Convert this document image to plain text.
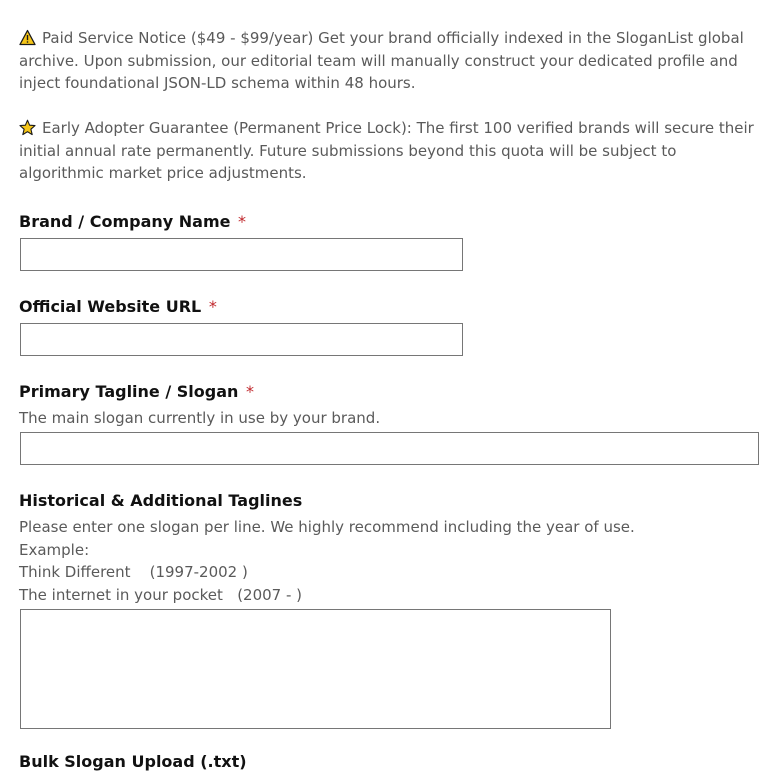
Paid Service Notice ($49 - $99/year) Get your brand officially indexed in the SloganList global archive. Upon submission, our editorial team will manually construct your dedicated profile and inject foundational JSON-LD schema within 48 hours.

Early Adopter Guarantee (Permanent Price Lock): The first 100 verified brands will secure their initial annual rate permanently. Future submissions beyond this quota will be subject to algorithmic market price adjustments.

Brand / Company Name *

Official Website URL *

Primary Tagline / Slogan *

The main slogan currently in use by your brand.

Historical & Additional Taglines

Please enter one slogan per line. We highly recommend including the year of use.
Example:
Think Different    (1997-2002 )
The internet in your pocket   (2007 - )

Bulk Slogan Upload (.txt)
